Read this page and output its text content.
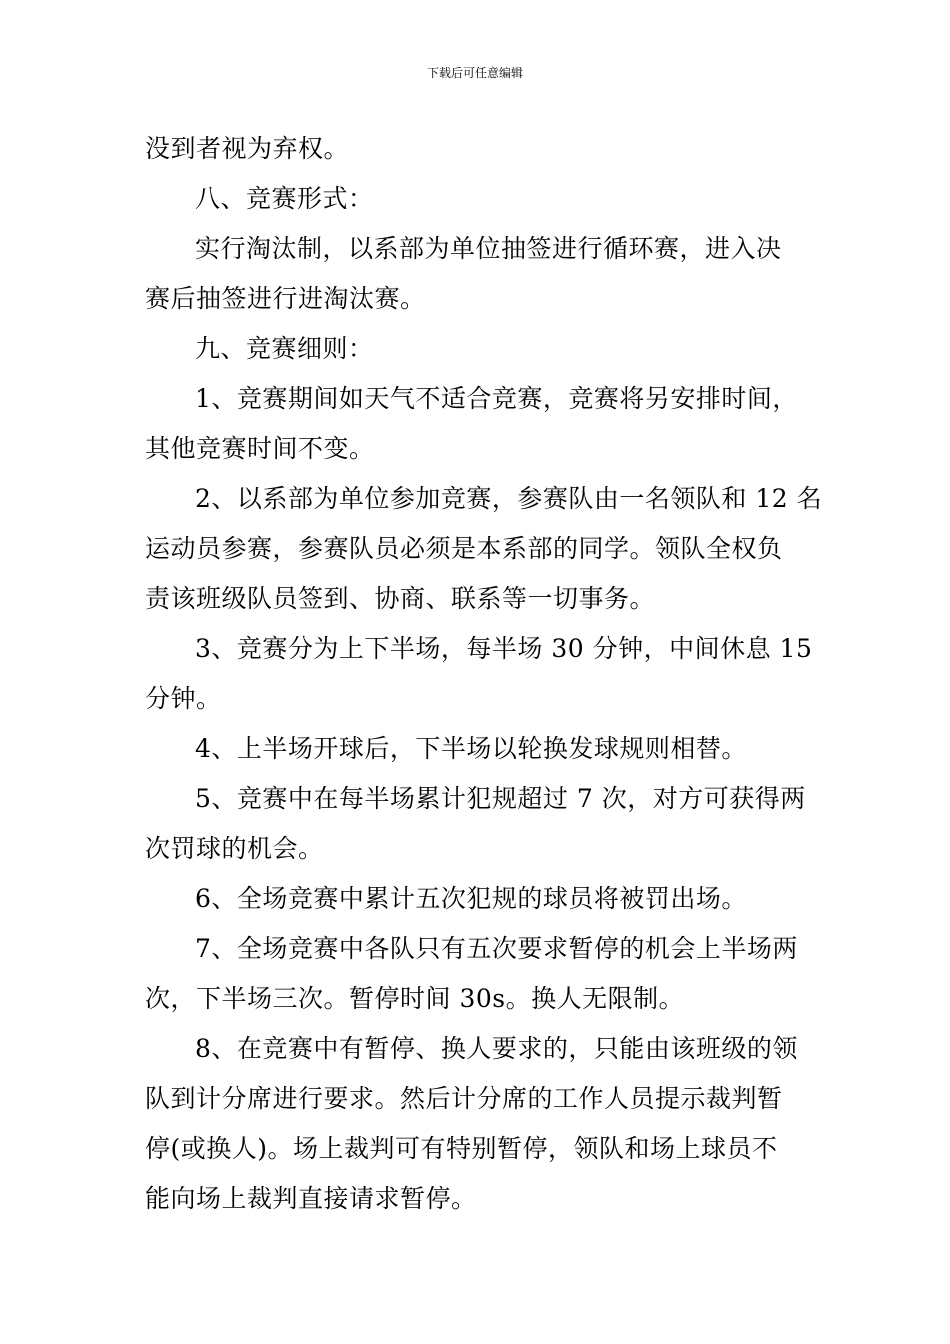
下载后可任意编辑
没到者视为弃权。
八、竞赛形式：
实行淘汰制，以系部为单位抽签进行循环赛，进入决
赛后抽签进行进淘汰赛。
九、竞赛细则：
1、竞赛期间如天气不适合竞赛，竞赛将另安排时间，
其他竞赛时间不变。
2、以系部为单位参加竞赛，参赛队由一名领队和 12 名
运动员参赛，参赛队员必须是本系部的同学。领队全权负
责该班级队员签到、协商、联系等一切事务。
3、竞赛分为上下半场，每半场 30 分钟，中间休息 15
分钟。
4、上半场开球后，下半场以轮换发球规则相替。
5、竞赛中在每半场累计犯规超过 7 次，对方可获得两
次罚球的机会。
6、全场竞赛中累计五次犯规的球员将被罚出场。
7、全场竞赛中各队只有五次要求暂停的机会上半场两
次，下半场三次。暂停时间 30s。换人无限制。
8、在竞赛中有暂停、换人要求的，只能由该班级的领
队到计分席进行要求。然后计分席的工作人员提示裁判暂
停(或换人)。场上裁判可有特别暂停，领队和场上球员不
能向场上裁判直接请求暂停。
